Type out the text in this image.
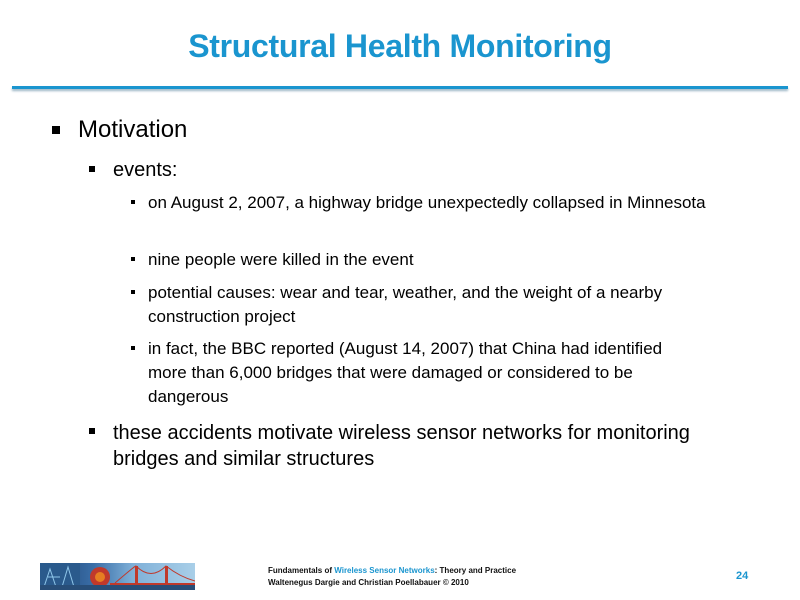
Structural Health Monitoring
Motivation
events:
on August 2, 2007, a highway bridge unexpectedly collapsed in Minnesota
nine people were killed in the event
potential causes: wear and tear, weather, and the weight of a nearby construction project
in fact, the BBC reported (August 14, 2007) that China had identified more than 6,000 bridges that were damaged or considered to be dangerous
these accidents motivate wireless sensor networks for monitoring bridges and similar structures
Fundamentals of Wireless Sensor Networks: Theory and Practice
Waltenegus Dargie and Christian Poellabauer © 2010
24
